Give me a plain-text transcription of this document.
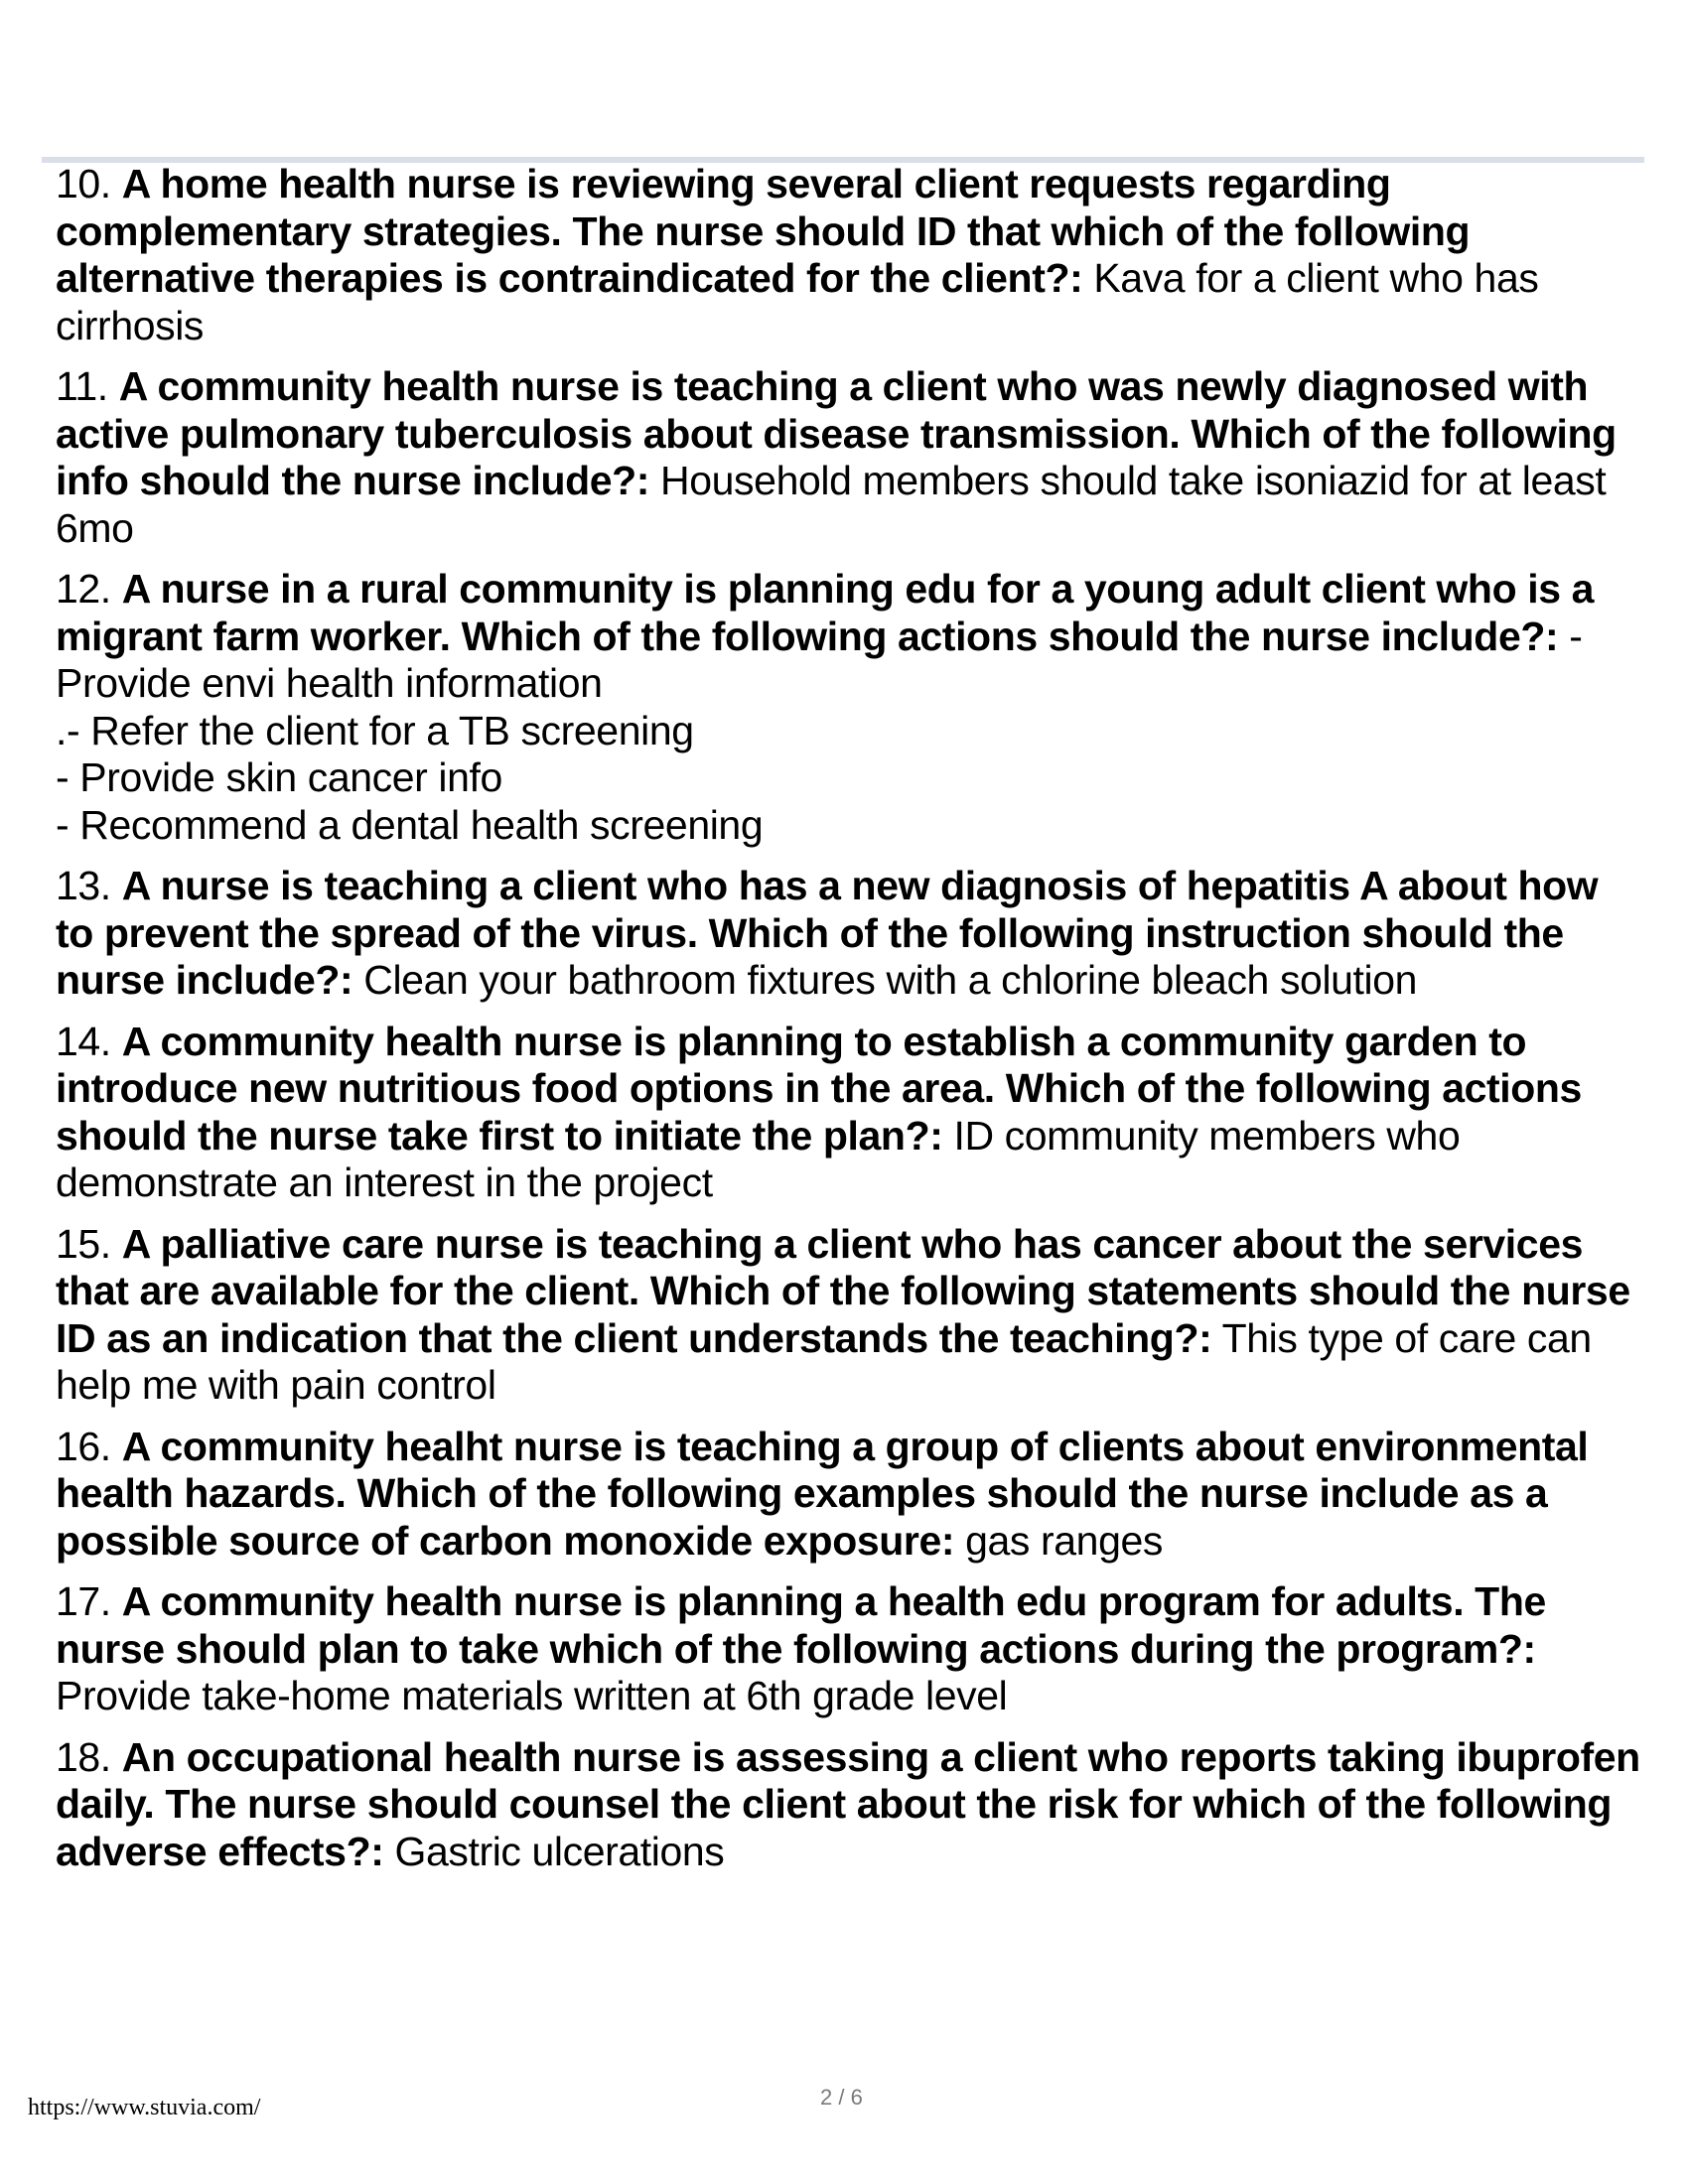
10. A home health nurse is reviewing several client requests regarding complementary strategies. The nurse should ID that which of the following alternative therapies is contraindicated for the client?: Kava for a client who has cirrhosis
11. A community health nurse is teaching a client who was newly diagnosed with active pulmonary tuberculosis about disease transmission. Which of the following info should the nurse include?: Household members should take isoniazid for at least 6mo
12. A nurse in a rural community is planning edu for a young adult client who is a migrant farm worker. Which of the following actions should the nurse include?: - Provide envi health information
.- Refer the client for a TB screening
- Provide skin cancer info
- Recommend a dental health screening
13. A nurse is teaching a client who has a new diagnosis of hepatitis A about how to prevent the spread of the virus. Which of the following instruction should the nurse include?: Clean your bathroom fixtures with a chlorine bleach solution
14. A community health nurse is planning to establish a community garden to introduce new nutritious food options in the area. Which of the following actions should the nurse take first to initiate the plan?: ID community members who demonstrate an interest in the project
15. A palliative care nurse is teaching a client who has cancer about the services that are available for the client. Which of the following statements should the nurse ID as an indication that the client understands the teaching?: This type of care can help me with pain control
16. A community healht nurse is teaching a group of clients about environmental health hazards. Which of the following examples should the nurse include as a possible source of carbon monoxide exposure: gas ranges
17. A community health nurse is planning a health edu program for adults. The nurse should plan to take which of the following actions during the program?: Provide take-home materials written at 6th grade level
18. An occupational health nurse is assessing a client who reports taking ibuprofen daily. The nurse should counsel the client about the risk for which of the following adverse effects?: Gastric ulcerations
https://www.stuvia.com/	2 / 6
